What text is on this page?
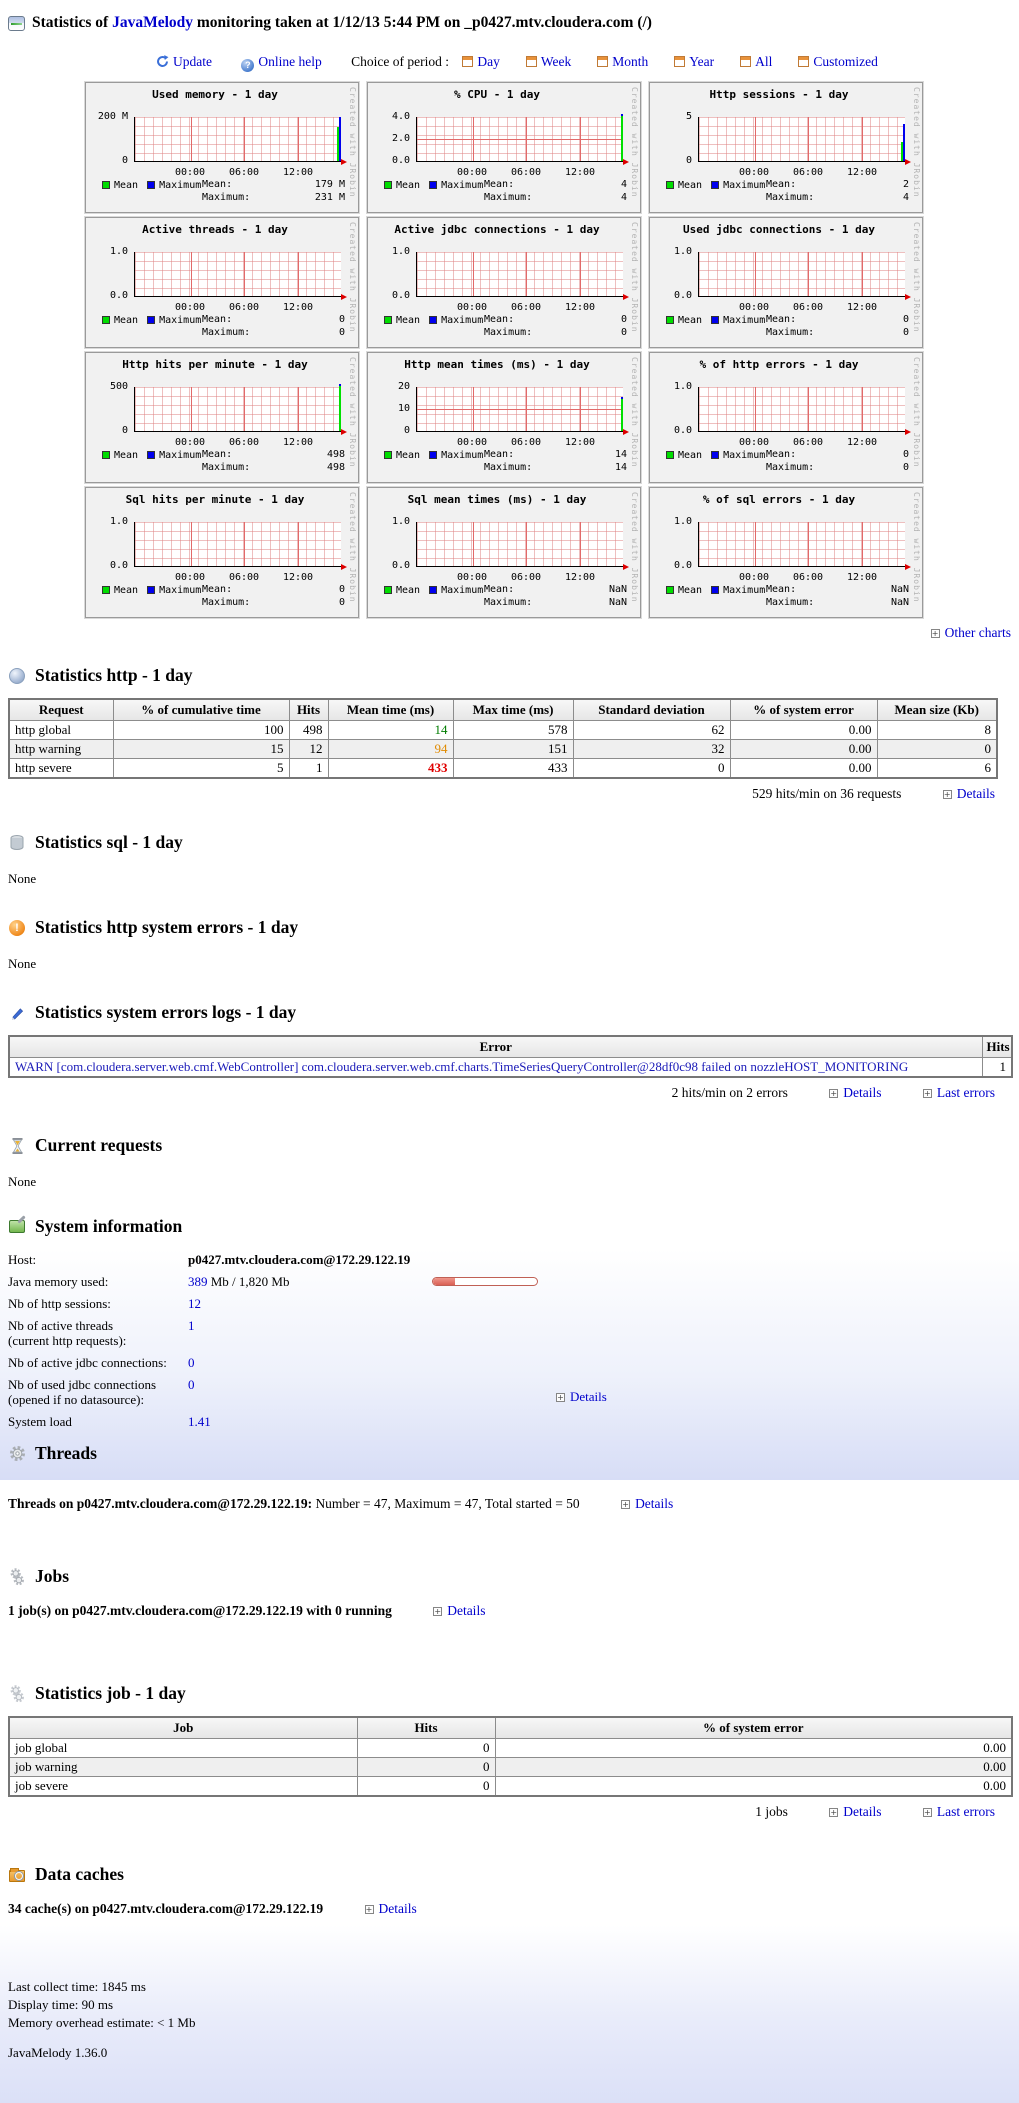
Statistics of JavaMelody monitoring taken at 1/12/13 5:44 PM on _p0427.mtv.cloudera.com (/)
Update	? Online help Choice of period : Day	Week	Month	Year	All	Customized
Used memory - 1 day
200 M
0
00:00	06:00	12:00
Mean Maximum Mean:	179 M
Maximum:	231 M Created with JRobin	% CPU - 1 day
4.0
2.0
0.0
00:00	06:00	12:00
Mean Maximum Mean:	4
Maximum:	4 Created with JRobin	Http sessions - 1 day
5
0
00:00	06:00	12:00
Mean Maximum Mean:	2
Maximum:	4 Created with JRobin
Active threads - 1 day
1.0
0.0
00:00	06:00	12:00
Mean Maximum Mean:	0
Maximum:	0 Created with JRobin	Active jdbc connections - 1 day
1.0
0.0
00:00	06:00	12:00
Mean Maximum Mean:	0
Maximum:	0 Created with JRobin	Used jdbc connections - 1 day
1.0
0.0
00:00	06:00	12:00
Mean Maximum Mean:	0
Maximum:	0 Created with JRobin
Http hits per minute - 1 day
500
0
00:00	06:00	12:00
Mean Maximum Mean:	498
Maximum:	498 Created with JRobin	Http mean times (ms) - 1 day
20
10
0
00:00	06:00	12:00
Mean Maximum Mean:	14
Maximum:	14 Created with JRobin	% of http errors - 1 day
1.0
0.0
00:00	06:00	12:00
Mean Maximum Mean:	0
Maximum:	0 Created with JRobin
Sql hits per minute - 1 day
1.0
0.0
00:00	06:00	12:00
Mean Maximum Mean:	0
Maximum:	0 Created with JRobin	Sql mean times (ms) - 1 day
1.0
0.0
00:00	06:00	12:00
Mean Maximum Mean:	NaN
Maximum:	NaN Created with JRobin	% of sql errors - 1 day
1.0
0.0
00:00	06:00	12:00
Mean Maximum Mean:	NaN
Maximum:	NaN Created with JRobin
+ Other charts
Statistics http - 1 day
Request	% of cumulative time	Hits	Mean time (ms)	Max time (ms)	Standard deviation	% of system error	Mean size (Kb)
http global	100	498	14	578	62	0.00	8
http warning	15	12	94	151	32	0.00	0
http severe	5	1	433	433	0	0.00	6
529 hits/min on 36 requests	+ Details
Statistics sql - 1 day
None
! Statistics http system errors - 1 day
None
Statistics system errors logs - 1 day
Error	Hits
WARN [com.cloudera.server.web.cmf.WebController] com.cloudera.server.web.cmf.charts.TimeSeriesQueryController@28df0c98 failed on nozzleHOST_MONITORING	1
2 hits/min on 2 errors	+ Details	+ Last errors
Current requests
None
System information
Host:	p0427.mtv.cloudera.com@172.29.122.19
Java memory used:	389 Mb / 1,820 Mb
Nb of http sessions:	12
Nb of active threads
(current http requests):
1
Nb of active jdbc connections:	0
Nb of used jdbc connections
(opened if no datasource):
0
System load	1.41
+ Details
Threads
Threads on p0427.mtv.cloudera.com@172.29.122.19: Number = 47, Maximum = 47, Total started = 50	+ Details
Jobs
1 job(s) on p0427.mtv.cloudera.com@172.29.122.19 with 0 running	+ Details
Statistics job - 1 day
Job	Hits	% of system error
job global	0	0.00
job warning	0	0.00
job severe	0	0.00
1 jobs	+ Details	+ Last errors
Data caches
34 cache(s) on p0427.mtv.cloudera.com@172.29.122.19	+ Details
Last collect time: 1845 ms
Display time: 90 ms
Memory overhead estimate: < 1 Mb
JavaMelody 1.36.0
